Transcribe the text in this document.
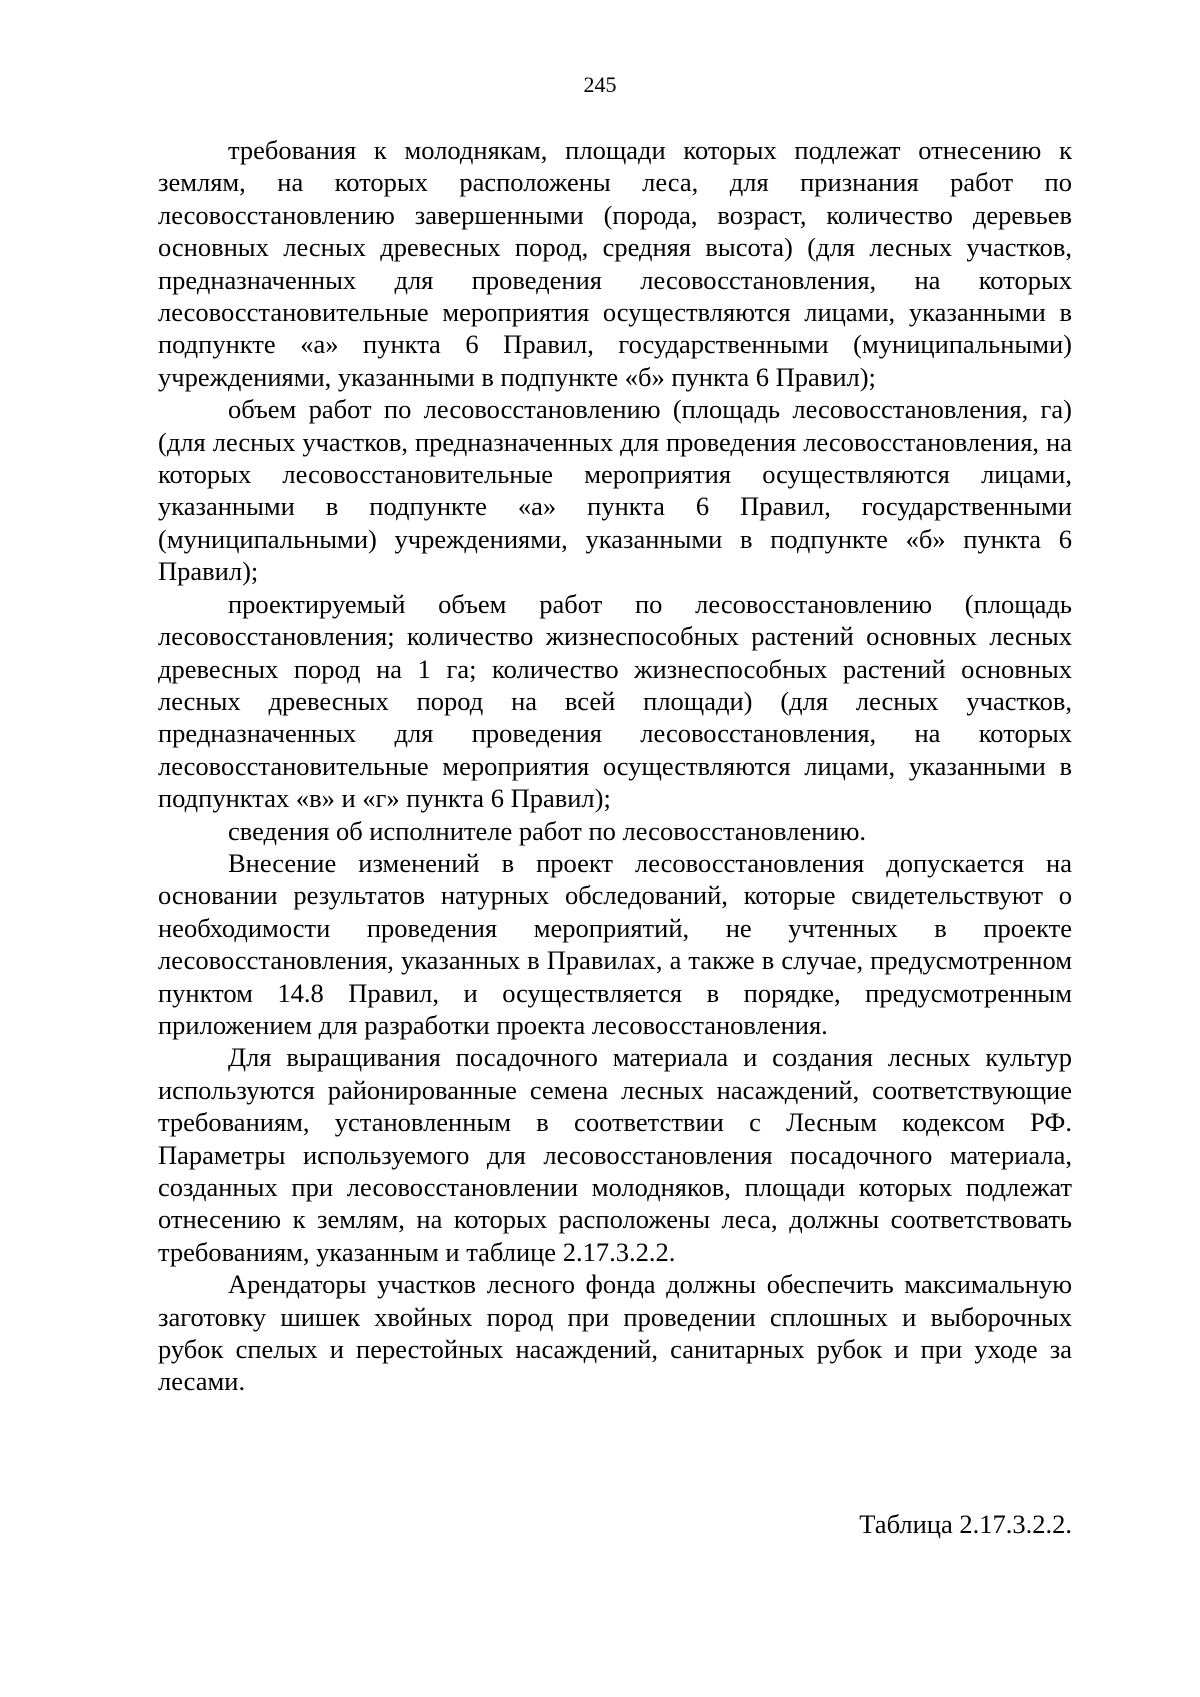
245

требования к молоднякам, площади которых подлежат отнесению к землям, на которых расположены леса, для признания работ по лесовосстановлению завершенными (порода, возраст, количество деревьев основных лесных древесных пород, средняя высота) (для лесных участков, предназначенных для проведения лесовосстановления, на которых лесовосстановительные мероприятия осуществляются лицами, указанными в подпункте «а» пункта 6 Правил, государственными (муниципальными) учреждениями, указанными в подпункте «б» пункта 6 Правил);

объем работ по лесовосстановлению (площадь лесовосстановления, га) (для лесных участков, предназначенных для проведения лесовосстановления, на которых лесовосстановительные мероприятия осуществляются лицами, указанными в подпункте «а» пункта 6 Правил, государственными (муниципальными) учреждениями, указанными в подпункте «б» пункта 6 Правил);

проектируемый объем работ по лесовосстановлению (площадь лесовосстановления; количество жизнеспособных растений основных лесных древесных пород на 1 га; количество жизнеспособных растений основных лесных древесных пород на всей площади) (для лесных участков, предназначенных для проведения лесовосстановления, на которых лесовосстановительные мероприятия осуществляются лицами, указанными в подпунктах «в» и «г» пункта 6 Правил);

сведения об исполнителе работ по лесовосстановлению.

Внесение изменений в проект лесовосстановления допускается на основании результатов натурных обследований, которые свидетельствуют о необходимости проведения мероприятий, не учтенных в проекте лесовосстановления, указанных в Правилах, а также в случае, предусмотренном пунктом 14.8 Правил, и осуществляется в порядке, предусмотренным приложением для разработки проекта лесовосстановления.

Для выращивания посадочного материала и создания лесных культур используются районированные семена лесных насаждений, соответствующие требованиям, установленным в соответствии с Лесным кодексом РФ. Параметры используемого для лесовосстановления посадочного материала, созданных при лесовосстановлении молодняков, площади которых подлежат отнесению к землям, на которых расположены леса, должны соответствовать требованиям, указанным и таблице 2.17.3.2.2.

Арендаторы участков лесного фонда должны обеспечить максимальную заготовку шишек хвойных пород при проведении сплошных и выборочных рубок спелых и перестойных насаждений, санитарных рубок и при уходе за лесами.

Таблица 2.17.3.2.2.
